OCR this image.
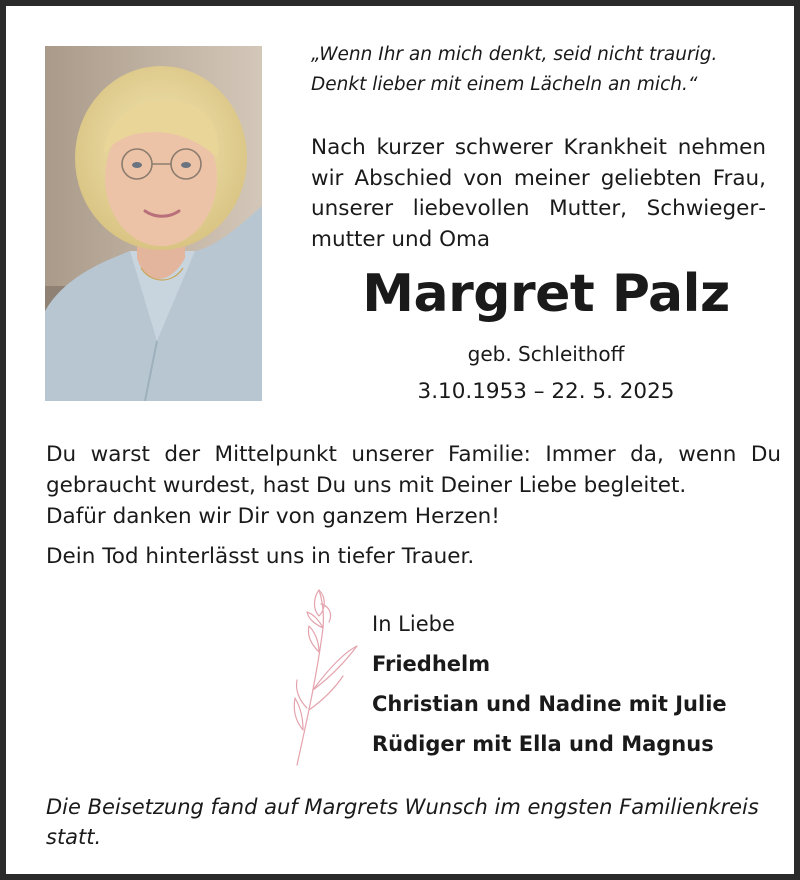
„Wenn Ihr an mich denkt, seid nicht traurig.
Denkt lieber mit einem Lächeln an mich.“
Nach kurzer schwerer Krankheit nehmen wir Abschied von meiner geliebten Frau, unserer liebevollen Mutter, Schwiegermutter und Oma
Margret Palz
geb. Schleithoff
3.10.1953 – 22. 5. 2025
Du warst der Mittelpunkt unserer Familie: Immer da, wenn Du gebraucht wurdest, hast Du uns mit Deiner Liebe begleitet.
Dafür danken wir Dir von ganzem Herzen!
Dein Tod hinterlässt uns in tiefer Trauer.
In Liebe
Friedhelm
Christian und Nadine mit Julie
Rüdiger mit Ella und Magnus
Die Beisetzung fand auf Margrets Wunsch im engsten Familienkreis statt.
